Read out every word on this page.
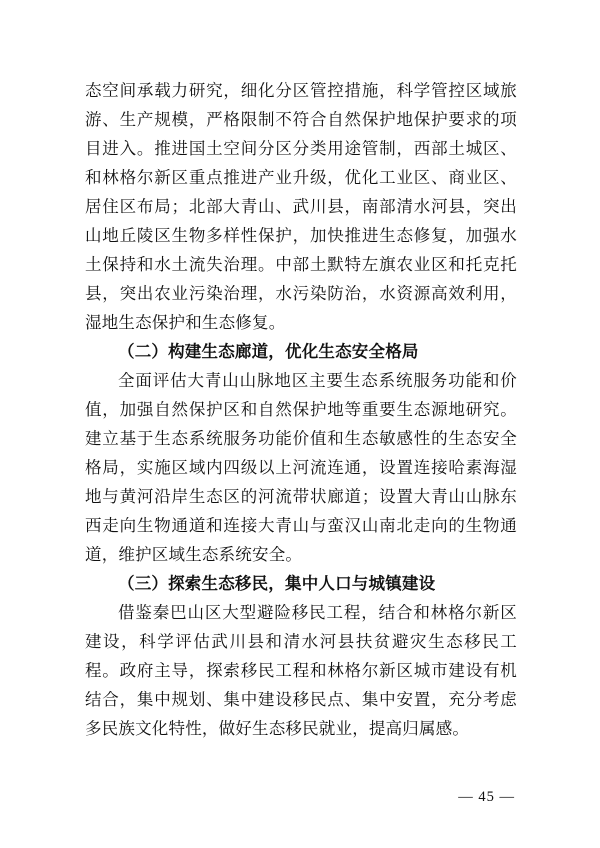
态空间承载力研究，细化分区管控措施，科学管控区域旅游、生产规模，严格限制不符合自然保护地保护要求的项目进入。推进国土空间分区分类用途管制，西部土城区、和林格尔新区重点推进产业升级，优化工业区、商业区、居住区布局；北部大青山、武川县，南部清水河县，突出山地丘陵区生物多样性保护，加快推进生态修复，加强水土保持和水土流失治理。中部土默特左旗农业区和托克托县，突出农业污染治理，水污染防治，水资源高效利用，湿地生态保护和生态修复。

（二）构建生态廊道，优化生态安全格局

全面评估大青山山脉地区主要生态系统服务功能和价值，加强自然保护区和自然保护地等重要生态源地研究。建立基于生态系统服务功能价值和生态敏感性的生态安全格局，实施区域内四级以上河流连通，设置连接哈素海湿地与黄河沿岸生态区的河流带状廊道；设置大青山山脉东西走向生物通道和连接大青山与蛮汉山南北走向的生物通道，维护区域生态系统安全。

（三）探索生态移民，集中人口与城镇建设

借鉴秦巴山区大型避险移民工程，结合和林格尔新区建设，科学评估武川县和清水河县扶贫避灾生态移民工程。政府主导，探索移民工程和林格尔新区城市建设有机结合，集中规划、集中建设移民点、集中安置，充分考虑多民族文化特性，做好生态移民就业，提高归属感。

— 45 —
